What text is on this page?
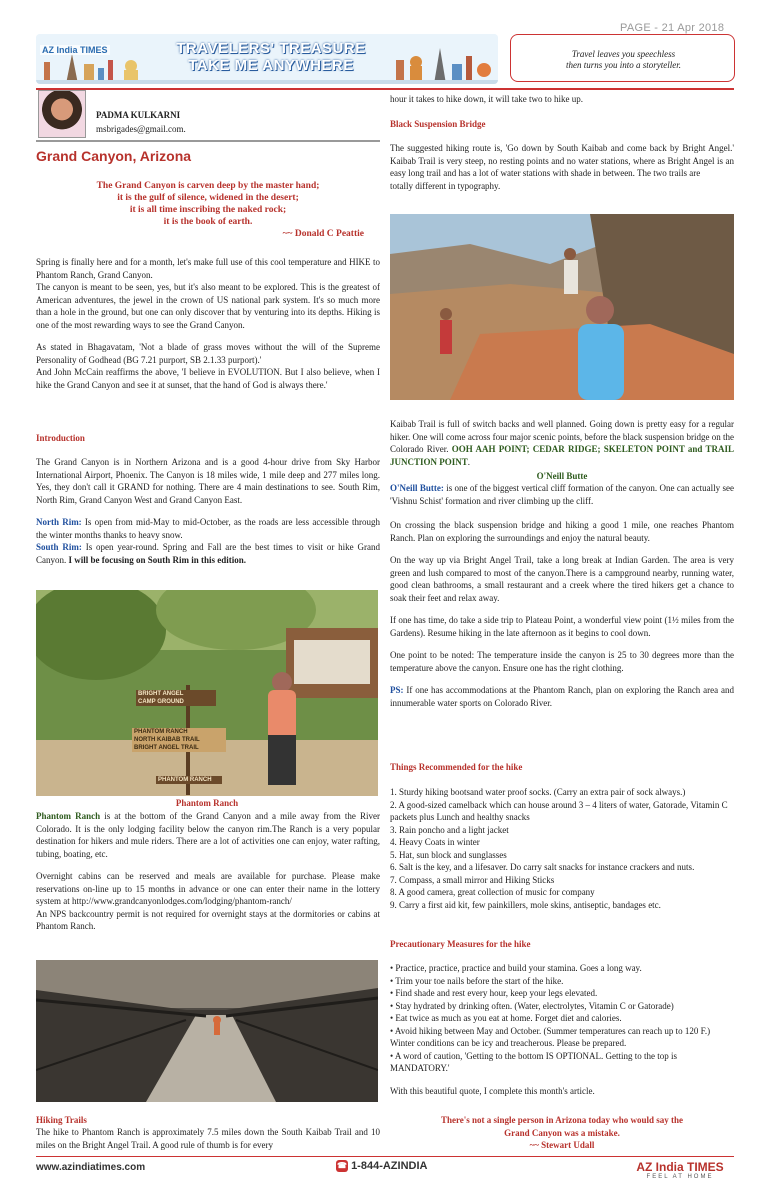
PAGE - 21 Apr 2018
TRAVELERS' TREASURE
TAKE ME ANYWHERE
AZ India TIMES	Travel leaves you speechless
then turns you into a storyteller.
PADMA KULKARNI
msbrigades@gmail.com.
Grand Canyon, Arizona

The Grand Canyon is carven deep by the master hand;

it is the gulf of silence, widened in the desert;

it is all time inscribing the naked rock;

it is the book of earth.

~~ Donald C Peattie

Spring is finally here and for a month, let's make full use of this cool temperature and HIKE to Phantom Ranch, Grand Canyon.

The canyon is meant to be seen, yes, but it's also meant to be explored. This is the greatest of American adventures, the jewel in the crown of US national park system. It's so much more than a hole in the ground, but one can only discover that by venturing into its depths. Hiking is one of the most rewarding ways to see the Grand Canyon.

As stated in Bhagavatam, 'Not a blade of grass moves without the will of the Supreme Personality of Godhead (BG 7.21 purport, SB 2.1.33 purport).'

And John McCain reaffirms the above, 'I believe in EVOLUTION. But I also believe, when I hike the Grand Canyon and see it at sunset, that the hand of God is always there.'

Introduction

The Grand Canyon is in Northern Arizona and is a good 4-hour drive from Sky Harbor International Airport, Phoenix. The Canyon is 18 miles wide, 1 mile deep and 277 miles long. Yes, they don't call it GRAND for nothing. There are 4 main destinations to see. South Rim, North Rim, Grand Canyon West and Grand Canyon East.

North Rim: Is open from mid-May to mid-October, as the roads are less accessible through the winter months thanks to heavy snow.

South Rim: Is open year-round. Spring and Fall are the best times to visit or hike Grand Canyon. I will be focusing on South Rim in this edition.

BRIGHT ANGEL
CAMP GROUND
PHANTOM RANCH
NORTH KAIBAB TRAIL
BRIGHT ANGEL TRAIL
PHANTOM RANCH
Phantom Ranch

Phantom Ranch is at the bottom of the Grand Canyon and a mile away from the River Colorado. It is the only lodging facility below the canyon rim.The Ranch is a very popular destination for hikers and mule riders. There are a lot of activities one can enjoy, water rafting, tubing, boating, etc.

Overnight cabins can be reserved and meals are available for purchase. Please make reservations on-line up to 15 months in advance or one can enter their name in the lottery system at http://www.grandcanyonlodges.com/lodging/phantom-ranch/

An NPS backcountry permit is not required for overnight stays at the dormitories or cabins at Phantom Ranch.

Hiking Trails

The hike to Phantom Ranch is approximately 7.5 miles down the South Kaibab Trail and 10 miles on the Bright Angel Trail. A good rule of thumb is for every

hour it takes to hike down, it will take two to hike up.
Black Suspension Bridge

The suggested hiking route is, 'Go down by South Kaibab and come back by Bright Angel.' Kaibab Trail is very steep, no resting points and no water stations, where as Bright Angel is an easy long trail and has a lot of water stations with shade in between. The two trails are

totally different in typography.

Kaibab Trail is full of switch backs and well planned. Going down is pretty easy for a regular hiker. One will come across four major scenic points, before the black suspension bridge on the Colorado River. OOH AAH POINT; CEDAR RIDGE; SKELETON POINT and TRAIL JUNCTION POINT.

O'Neill Butte

O'Neill Butte: is one of the biggest vertical cliff formation of the canyon. One can actually see 'Vishnu Schist' formation and river climbing up the cliff.

On crossing the black suspension bridge and hiking a good 1 mile, one reaches Phantom Ranch. Plan on exploring the surroundings and enjoy the natural beauty.

On the way up via Bright Angel Trail, take a long break at Indian Garden. The area is very green and lush compared to most of the canyon.There is a campground nearby, running water, good clean bathrooms, a small restaurant and a creek where the tired hikers get a chance to soak their feet and relax away.

If one has time, do take a side trip to Plateau Point, a wonderful view point (1½ miles from the Gardens). Resume hiking in the late afternoon as it begins to cool down.

One point to be noted: The temperature inside the canyon is 25 to 30 degrees more than the temperature above the canyon. Ensure one has the right clothing.

PS: If one has accommodations at the Phantom Ranch, plan on exploring the Ranch area and innumerable water sports on Colorado River.

Things Recommended for the hike

1. Sturdy hiking bootsand water proof socks. (Carry an extra pair of sock always.)

2. A good-sized camelback which can house around 3 – 4 liters of water, Gatorade, Vitamin C packets plus Lunch and healthy snacks

3. Rain poncho and a light jacket

4. Heavy Coats in winter

5. Hat, sun block and sunglasses

6. Salt is the key, and a lifesaver. Do carry salt snacks for instance crackers and nuts.

7. Compass, a small mirror and Hiking Sticks

8. A good camera, great collection of music for company

9. Carry a first aid kit, few painkillers, mole skins, antiseptic, bandages etc.

Precautionary Measures for the hike

• Practice, practice, practice and build your stamina. Goes a long way.

• Trim your toe nails before the start of the hike.

• Find shade and rest every hour, keep your legs elevated.

• Stay hydrated by drinking often. (Water, electrolytes, Vitamin C or Gatorade)

• Eat twice as much as you eat at home. Forget diet and calories.

• Avoid hiking between May and October. (Summer temperatures can reach up to 120 F.) Winter conditions can be icy and treacherous. Please be prepared.

• A word of caution, 'Getting to the bottom IS OPTIONAL. Getting to the top is MANDATORY.'

With this beautiful quote, I complete this month's article.

There's not a single person in Arizona today who would say the

Grand Canyon was a mistake.

~~ Stewart Udall

www.azindiatimes.com	☎ 1-844-AZINDIA	AZ India TIMES
FEEL AT HOME
